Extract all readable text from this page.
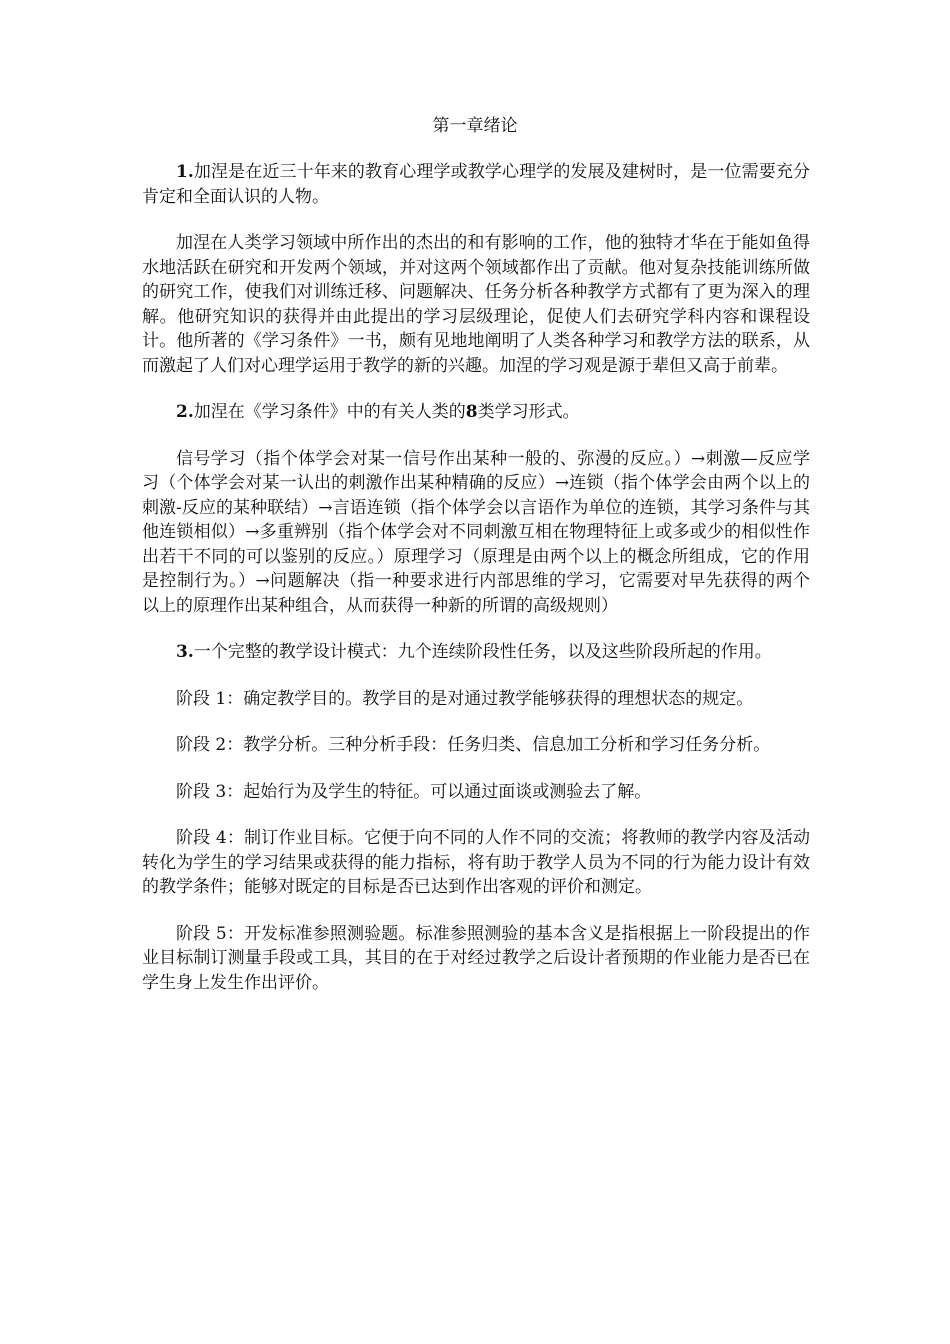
第一章绪论

1.加涅是在近三十年来的教育心理学或教学心理学的发展及建树时，是一位需要充分肯定和全面认识的人物。

加涅在人类学习领域中所作出的杰出的和有影响的工作，他的独特才华在于能如鱼得水地活跃在研究和开发两个领域，并对这两个领域都作出了贡献。他对复杂技能训练所做的研究工作，使我们对训练迁移、问题解决、任务分析各种教学方式都有了更为深入的理解。他研究知识的获得并由此提出的学习层级理论，促使人们去研究学科内容和课程设计。他所著的《学习条件》一书，颇有见地地阐明了人类各种学习和教学方法的联系，从而激起了人们对心理学运用于教学的新的兴趣。加涅的学习观是源于辈但又高于前辈。

2.加涅在《学习条件》中的有关人类的8类学习形式。

信号学习（指个体学会对某一信号作出某种一般的、弥漫的反应。）→刺激—反应学习（个体学会对某一认出的刺激作出某种精确的反应）→连锁（指个体学会由两个以上的刺激-反应的某种联结）→言语连锁（指个体学会以言语作为单位的连锁，其学习条件与其他连锁相似）→多重辨别（指个体学会对不同刺激互相在物理特征上或多或少的相似性作出若干不同的可以鉴别的反应。）原理学习（原理是由两个以上的概念所组成，它的作用是控制行为。）→问题解决（指一种要求进行内部思维的学习，它需要对早先获得的两个以上的原理作出某种组合，从而获得一种新的所谓的高级规则）

3.一个完整的教学设计模式：九个连续阶段性任务，以及这些阶段所起的作用。

阶段 1：确定教学目的。教学目的是对通过教学能够获得的理想状态的规定。

阶段 2：教学分析。三种分析手段：任务归类、信息加工分析和学习任务分析。

阶段 3：起始行为及学生的特征。可以通过面谈或测验去了解。

阶段 4：制订作业目标。它便于向不同的人作不同的交流；将教师的教学内容及活动转化为学生的学习结果或获得的能力指标，将有助于教学人员为不同的行为能力设计有效的教学条件；能够对既定的目标是否已达到作出客观的评价和测定。

阶段 5：开发标准参照测验题。标准参照测验的基本含义是指根据上一阶段提出的作业目标制订测量手段或工具，其目的在于对经过教学之后设计者预期的作业能力是否已在学生身上发生作出评价。
